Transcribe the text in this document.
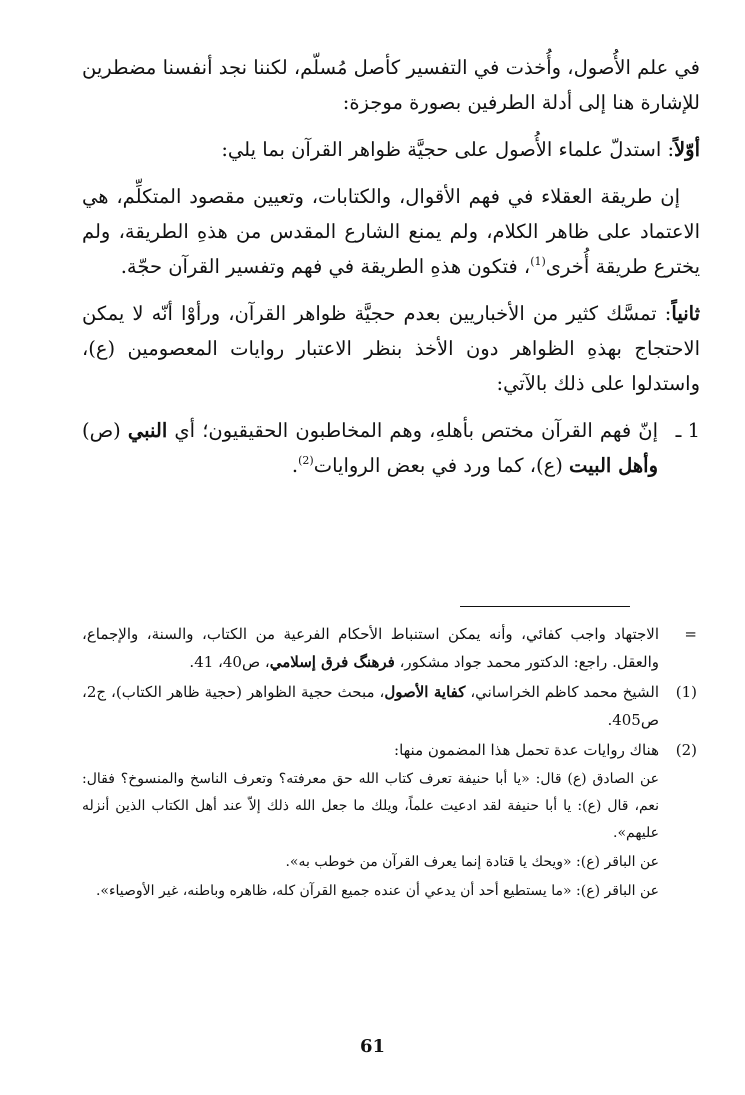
في علم الأُصول، وأُخذت في التفسير كأصل مُسلّم، لكننا نجد أنفسنا مضطرين للإشارة هنا إلى أدلة الطرفين بصورة موجزة:

أوّلاً: استدلّ علماء الأُصول على حجيَّة ظواهر القرآن بما يلي:

إن طريقة العقلاء في فهم الأقوال، والكتابات، وتعيين مقصود المتكلِّم، هي الاعتماد على ظاهر الكلام، ولم يمنع الشارع المقدس من هذهِ الطريقة، ولم يخترع طريقة أُخرى$^{(1)}$، فتكون هذهِ الطريقة في فهم وتفسير القرآن حجّة.

ثانياً: تمسَّك كثير من الأخباريين بعدم حجيَّة ظواهر القرآن، ورأوْا أنّه لا يمكن الاحتجاج بهذهِ الظواهر دون الأخذ بنظر الاعتبار روايات المعصومين (ع)، واستدلوا على ذلك بالآتي:

1 ـ
إنّ فهم القرآن مختص بأهلهِ، وهم المخاطبون الحقيقيون؛ أي النبي (ص) وأهل البيت (ع)، كما ورد في بعض الروايات$^{(2)}$.
=

الاجتهاد واجب كفائي، وأنه يمكن استنباط الأحكام الفرعية من الكتاب، والسنة، والإجماع، والعقل. راجع: الدكتور محمد جواد مشكور، فرهنگ فرق إسلامي، ص40، 41.

(1)

الشيخ محمد كاظم الخراساني، كفاية الأصول، مبحث حجية الظواهر (حجية ظاهر الكتاب)، ج2، ص405.

(2)

هناك روايات عدة تحمل هذا المضمون منها:

عن الصادق (ع) قال: «يا أبا حنيفة تعرف كتاب الله حق معرفته؟ وتعرف الناسخ والمنسوخ؟ فقال: نعم، قال (ع): يا أبا حنيفة لقد ادعيت علماً، ويلك ما جعل الله ذلك إلاّ عند أهل الكتاب الذين أنزله عليهم».

عن الباقر (ع): «ويحك يا قتادة إنما يعرف القرآن من خوطب به».

عن الباقر (ع): «ما يستطيع أحد أن يدعي أن عنده جميع القرآن كله، ظاهره وباطنه، غير الأوصياء».

61
